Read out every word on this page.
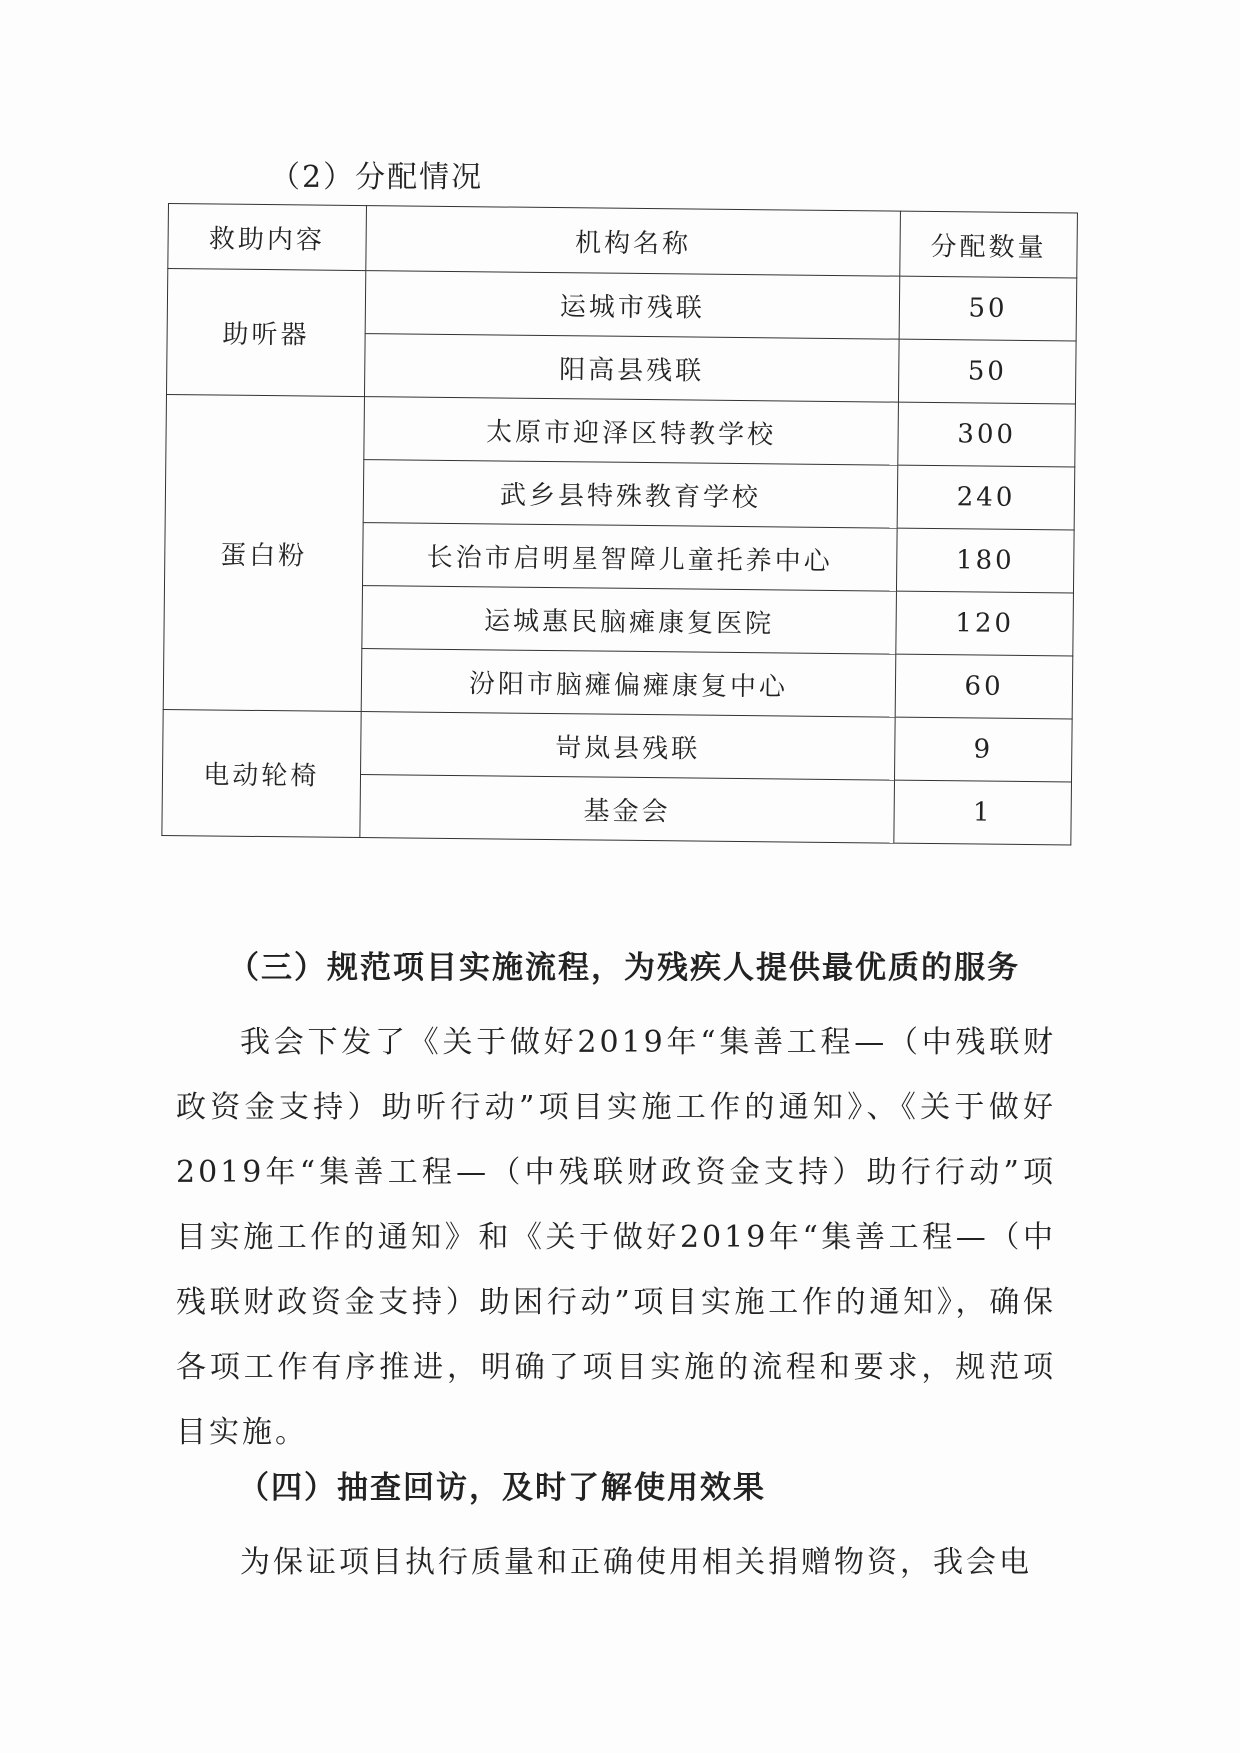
（2）分配情况
救助内容	机构名称	分配数量
助听器	运城市残联	50
	阳高县残联	50
蛋白粉	太原市迎泽区特教学校	300
	武乡县特殊教育学校	240
	长治市启明星智障儿童托养中心	180
	运城惠民脑瘫康复医院	120
	汾阳市脑瘫偏瘫康复中心	60
电动轮椅	岢岚县残联	9
	基金会	1
（三）规范项目实施流程，为残疾人提供最优质的服务
我会下发了《关于做好2019年“集善工程—（中残联财政资金支持）助听行动”项目实施工作的通知》、《关于做好2019年“集善工程—（中残联财政资金支持）助行行动”项目实施工作的通知》和《关于做好2019年“集善工程—（中残联财政资金支持）助困行动”项目实施工作的通知》，确保各项工作有序推进，明确了项目实施的流程和要求，规范项目实施。
（四）抽查回访，及时了解使用效果
为保证项目执行质量和正确使用相关捐赠物资，我会电
